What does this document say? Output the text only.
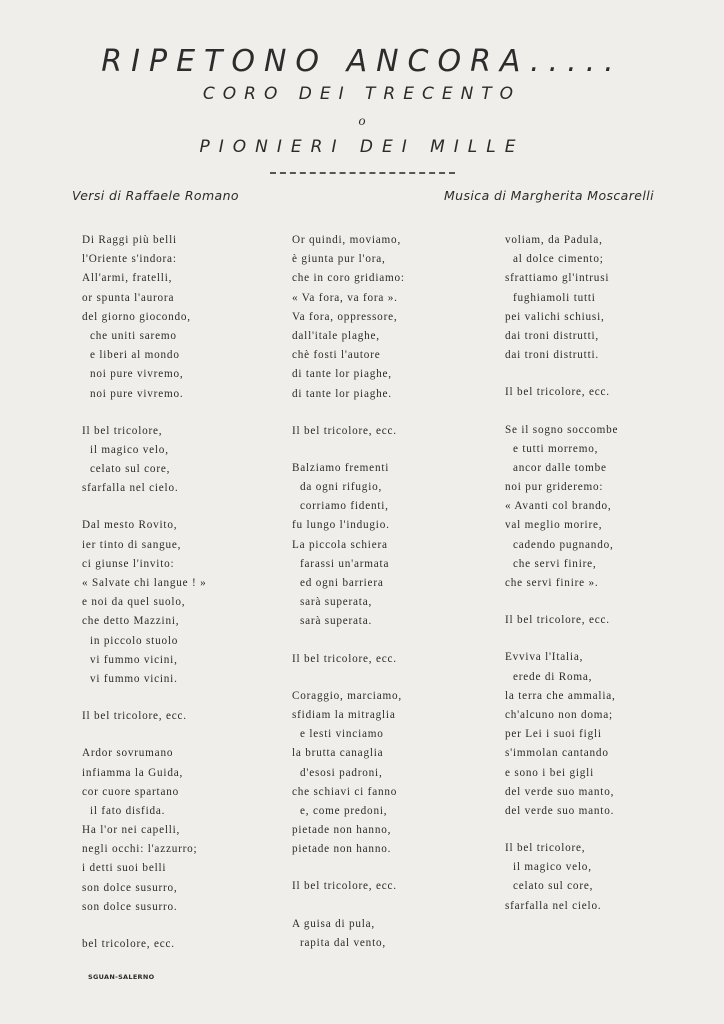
RIPETONO ANCORA.....
CORO DEI TRECENTO
o
PIONIERI DEI MILLE
Versi di Raffaele Romano	Musica di Margherita Moscarelli
Di Raggi più belli
l'Oriente s'indora:
All'armi, fratelli,
or spunta l'aurora
del giorno giocondo,
che uniti saremo
e liberi al mondo
noi pure vivremo,
noi pure vivremo.
Il bel tricolore,
il magico velo,
celato sul core,
sfarfalla nel cielo.
Dal mesto Rovito,
ier tinto di sangue,
ci giunse l'invito:
« Salvate chi langue ! »
e noi da quel suolo,
che detto Mazzini,
in piccolo stuolo
vi fummo vicini,
vi fummo vicini.
Il bel tricolore, ecc.
Ardor sovrumano
infiamma la Guida,
cor cuore spartano
il fato disfida.
Ha l'or nei capelli,
negli occhi: l'azzurro;
i detti suoi belli
son dolce susurro,
son dolce susurro.
bel tricolore, ecc.
Or quindi, moviamo,
è giunta pur l'ora,
che in coro gridiamo:
« Va fora, va fora ».
Va fora, oppressore,
dall'itale plaghe,
chè fosti l'autore
di tante lor piaghe,
di tante lor piaghe.
Il bel tricolore, ecc.
Balziamo frementi
da ogni rifugio,
corriamo fidenti,
fu lungo l'indugio.
La piccola schiera
farassi un'armata
ed ogni barriera
sarà superata,
sarà superata.
Il bel tricolore, ecc.
Coraggio, marciamo,
sfidiam la mitraglia
e lesti vinciamo
la brutta canaglia
d'esosi padroni,
che schiavi ci fanno
e, come predoni,
pietade non hanno,
pietade non hanno.
Il bel tricolore, ecc.
A guisa di pula,
rapita dal vento,
voliam, da Padula,
al dolce cimento;
sfrattiamo gl'intrusi
fughiamoli tutti
pei valichi schiusi,
dai troni distrutti,
dai troni distrutti.
Il bel tricolore, ecc.
Se il sogno soccombe
e tutti morremo,
ancor dalle tombe
noi pur grideremo:
« Avanti col brando,
val meglio morire,
cadendo pugnando,
che servi finire,
che servi finire ».
Il bel tricolore, ecc.
Evviva l'Italia,
erede di Roma,
la terra che ammalia,
ch'alcuno non doma;
per Lei i suoi figli
s'immolan cantando
e sono i bei gigli
del verde suo manto,
del verde suo manto.
Il bel tricolore,
il magico velo,
celato sul core,
sfarfalla nel cielo.
SGUAN-SALERNO
